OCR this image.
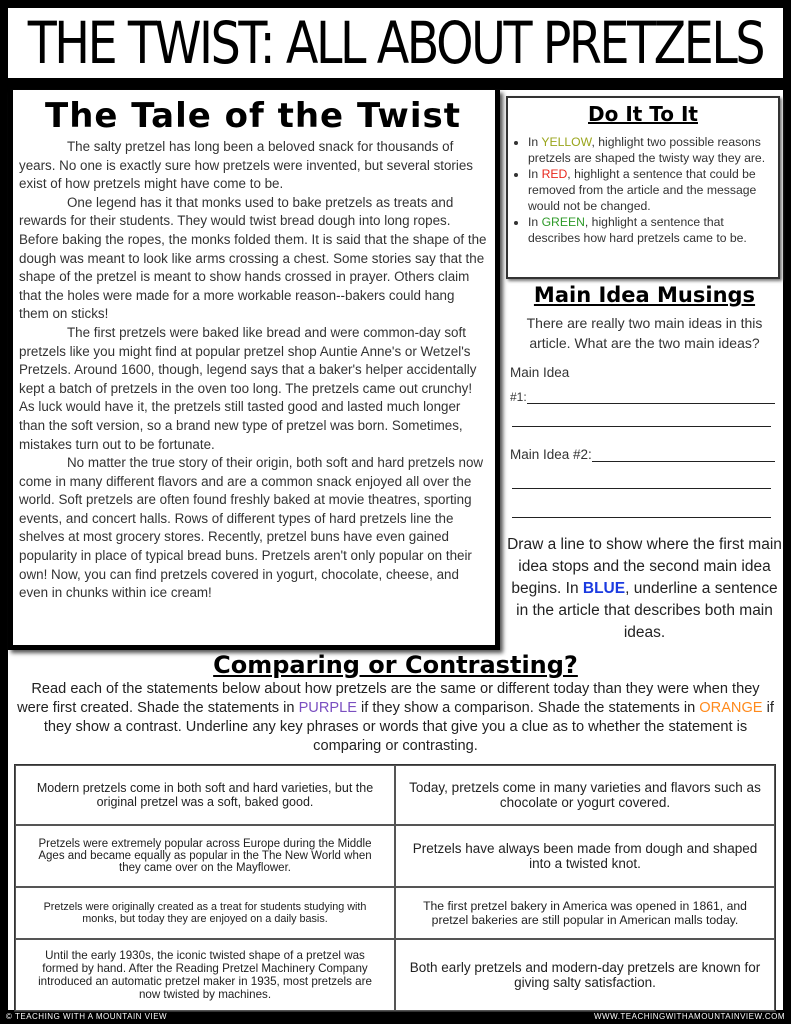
THE TWIST: ALL ABOUT PRETZELS
The Tale of the Twist

The salty pretzel has long been a beloved snack for thousands of years. No one is exactly sure how pretzels were invented, but several stories exist of how pretzels might have come to be.

One legend has it that monks used to bake pretzels as treats and rewards for their students. They would twist bread dough into long ropes. Before baking the ropes, the monks folded them. It is said that the shape of the dough was meant to look like arms crossing a chest. Some stories say that the shape of the pretzel is meant to show hands crossed in prayer. Others claim that the holes were made for a more workable reason--bakers could hang them on sticks!

The first pretzels were baked like bread and were common-day soft pretzels like you might find at popular pretzel shop Auntie Anne's or Wetzel's Pretzels. Around 1600, though, legend says that a baker's helper accidentally kept a batch of pretzels in the oven too long. The pretzels came out crunchy! As luck would have it, the pretzels still tasted good and lasted much longer than the soft version, so a brand new type of pretzel was born. Sometimes, mistakes turn out to be fortunate.

No matter the true story of their origin, both soft and hard pretzels now come in many different flavors and are a common snack enjoyed all over the world. Soft pretzels are often found freshly baked at movie theatres, sporting events, and concert halls. Rows of different types of hard pretzels line the shelves at most grocery stores. Recently, pretzel buns have even gained popularity in place of typical bread buns. Pretzels aren't only popular on their own! Now, you can find pretzels covered in yogurt, chocolate, cheese, and even in chunks within ice cream!

Do It To It
• In YELLOW, highlight two possible reasons pretzels are shaped the twisty way they are.
• In RED, highlight a sentence that could be removed from the article and the message would not be changed.
• In GREEN, highlight a sentence that describes how hard pretzels came to be.
Main Idea Musings
There are really two main ideas in this article. What are the two main ideas?
Main Idea
#1:
Main Idea #2:
Draw a line to show where the first main idea stops and the second main idea begins. In BLUE, underline a sentence in the article that describes both main ideas.
Comparing or Contrasting?
Read each of the statements below about how pretzels are the same or different today than they were when they were first created. Shade the statements in PURPLE if they show a comparison. Shade the statements in ORANGE if they show a contrast. Underline any key phrases or words that give you a clue as to whether the statement is comparing or contrasting.
Modern pretzels come in both soft and hard varieties, but the original pretzel was a soft, baked good.
Today, pretzels come in many varieties and flavors such as chocolate or yogurt covered.
Pretzels were extremely popular across Europe during the Middle Ages and became equally as popular in the The New World when they came over on the Mayflower.
Pretzels have always been made from dough and shaped into a twisted knot.
Pretzels were originally created as a treat for students studying with monks, but today they are enjoyed on a daily basis.
The first pretzel bakery in America was opened in 1861, and pretzel bakeries are still popular in American malls today.
Until the early 1930s, the iconic twisted shape of a pretzel was formed by hand. After the Reading Pretzel Machinery Company introduced an automatic pretzel maker in 1935, most pretzels are now twisted by machines.
Both early pretzels and modern-day pretzels are known for giving salty satisfaction.
© TEACHING WITH A MOUNTAIN VIEW	WWW.TEACHINGWITHAMOUNTAINVIEW.COM
